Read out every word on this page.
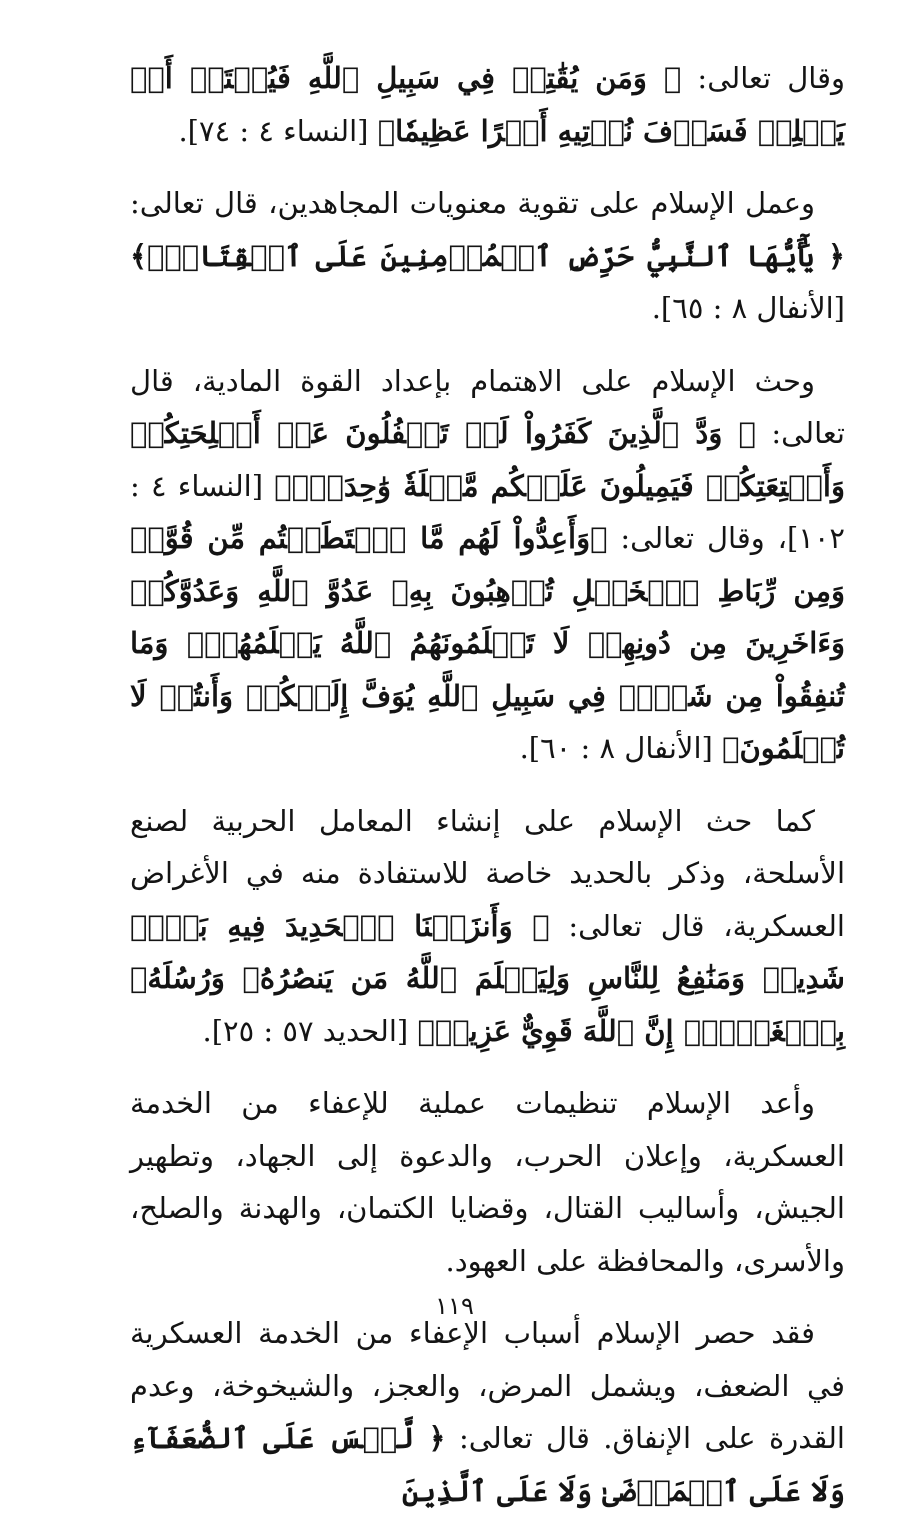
وقال تعالى: ﴿ وَمَن يُقَٰتِلۡ فِي سَبِيلِ ٱللَّهِ فَيُقۡتَلۡ أَوۡ يَغۡلِبۡ فَسَوۡفَ نُؤۡتِيهِ أَجۡرًا عَظِيمٗا﴾ [النساء ٤ : ٧٤].

وعمل الإسلام على تقوية معنويات المجاهدين، قال تعالى: ﴿ يَٰٓأَيُّهَا ٱلنَّبِيُّ حَرِّضِ ٱلۡمُؤۡمِنِينَ عَلَى ٱلۡقِتَالِۚ﴾ [الأنفال ٨ : ٦٥].

وحث الإسلام على الاهتمام بإعداد القوة المادية، قال تعالى: ﴿ وَدَّ ٱلَّذِينَ كَفَرُواْ لَوۡ تَغۡفُلُونَ عَنۡ أَسۡلِحَتِكُمۡ وَأَمۡتِعَتِكُمۡ فَيَمِيلُونَ عَلَيۡكُم مَّيۡلَةٗ وَٰحِدَةٗۚ﴾ [النساء ٤ : ١٠٢]، وقال تعالى: ﴿وَأَعِدُّواْ لَهُم مَّا ٱسۡتَطَعۡتُم مِّن قُوَّةٖ وَمِن رِّبَاطِ ٱلۡخَيۡلِ تُرۡهِبُونَ بِهِۦ عَدُوَّ ٱللَّهِ وَعَدُوَّكُمۡ وَءَاخَرِينَ مِن دُونِهِمۡ لَا تَعۡلَمُونَهُمُ ٱللَّهُ يَعۡلَمُهُمۡۚ وَمَا تُنفِقُواْ مِن شَيۡءٖ فِي سَبِيلِ ٱللَّهِ يُوَفَّ إِلَيۡكُمۡ وَأَنتُمۡ لَا تُظۡلَمُونَ﴾ [الأنفال ٨ : ٦٠].

كما حث الإسلام على إنشاء المعامل الحربية لصنع الأسلحة، وذكر بالحديد خاصة للاستفادة منه في الأغراض العسكرية، قال تعالى: ﴿ وَأَنزَلۡنَا ٱلۡحَدِيدَ فِيهِ بَأۡسٞ شَدِيدٞ وَمَنَٰفِعُ لِلنَّاسِ وَلِيَعۡلَمَ ٱللَّهُ مَن يَنصُرُهُۥ وَرُسُلَهُۥ بِٱلۡغَيۡبِۚ إِنَّ ٱللَّهَ قَوِيٌّ عَزِيزٞ﴾ [الحديد ٥٧ : ٢٥].

وأعد الإسلام تنظيمات عملية للإعفاء من الخدمة العسكرية، وإعلان الحرب، والدعوة إلى الجهاد، وتطهير الجيش، وأساليب القتال، وقضايا الكتمان، والهدنة والصلح، والأسرى، والمحافظة على العهود.

فقد حصر الإسلام أسباب الإعفاء من الخدمة العسكرية في الضعف، ويشمل المرض، والعجز، والشيخوخة، وعدم القدرة على الإنفاق. قال تعالى: ﴿ لَّيۡسَ عَلَى ٱلضُّعَفَآءِ وَلَا عَلَى ٱلۡمَرۡضَىٰ وَلَا عَلَى ٱلَّذِينَ

١١٩
